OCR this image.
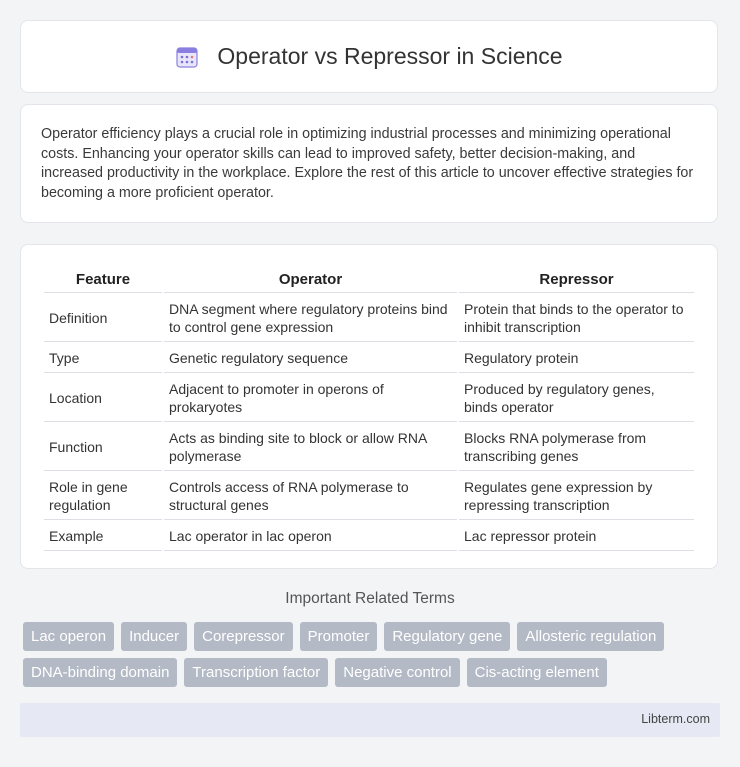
Operator vs Repressor in Science

Operator efficiency plays a crucial role in optimizing industrial processes and minimizing operational costs. Enhancing your operator skills can lead to improved safety, better decision-making, and increased productivity in the workplace. Explore the rest of this article to uncover effective strategies for becoming a more proficient operator.

Feature	Operator	Repressor
Definition	DNA segment where regulatory proteins bind to control gene expression	Protein that binds to the operator to inhibit transcription
Type	Genetic regulatory sequence	Regulatory protein
Location	Adjacent to promoter in operons of prokaryotes	Produced by regulatory genes, binds operator
Function	Acts as binding site to block or allow RNA polymerase	Blocks RNA polymerase from transcribing genes
Role in gene regulation	Controls access of RNA polymerase to structural genes	Regulates gene expression by repressing transcription
Example	Lac operator in lac operon	Lac repressor protein
Important Related Terms
Lac operon	Inducer	Corepressor	Promoter	Regulatory gene	Allosteric regulation
DNA-binding domain	Transcription factor	Negative control	Cis-acting element
Libterm.com
